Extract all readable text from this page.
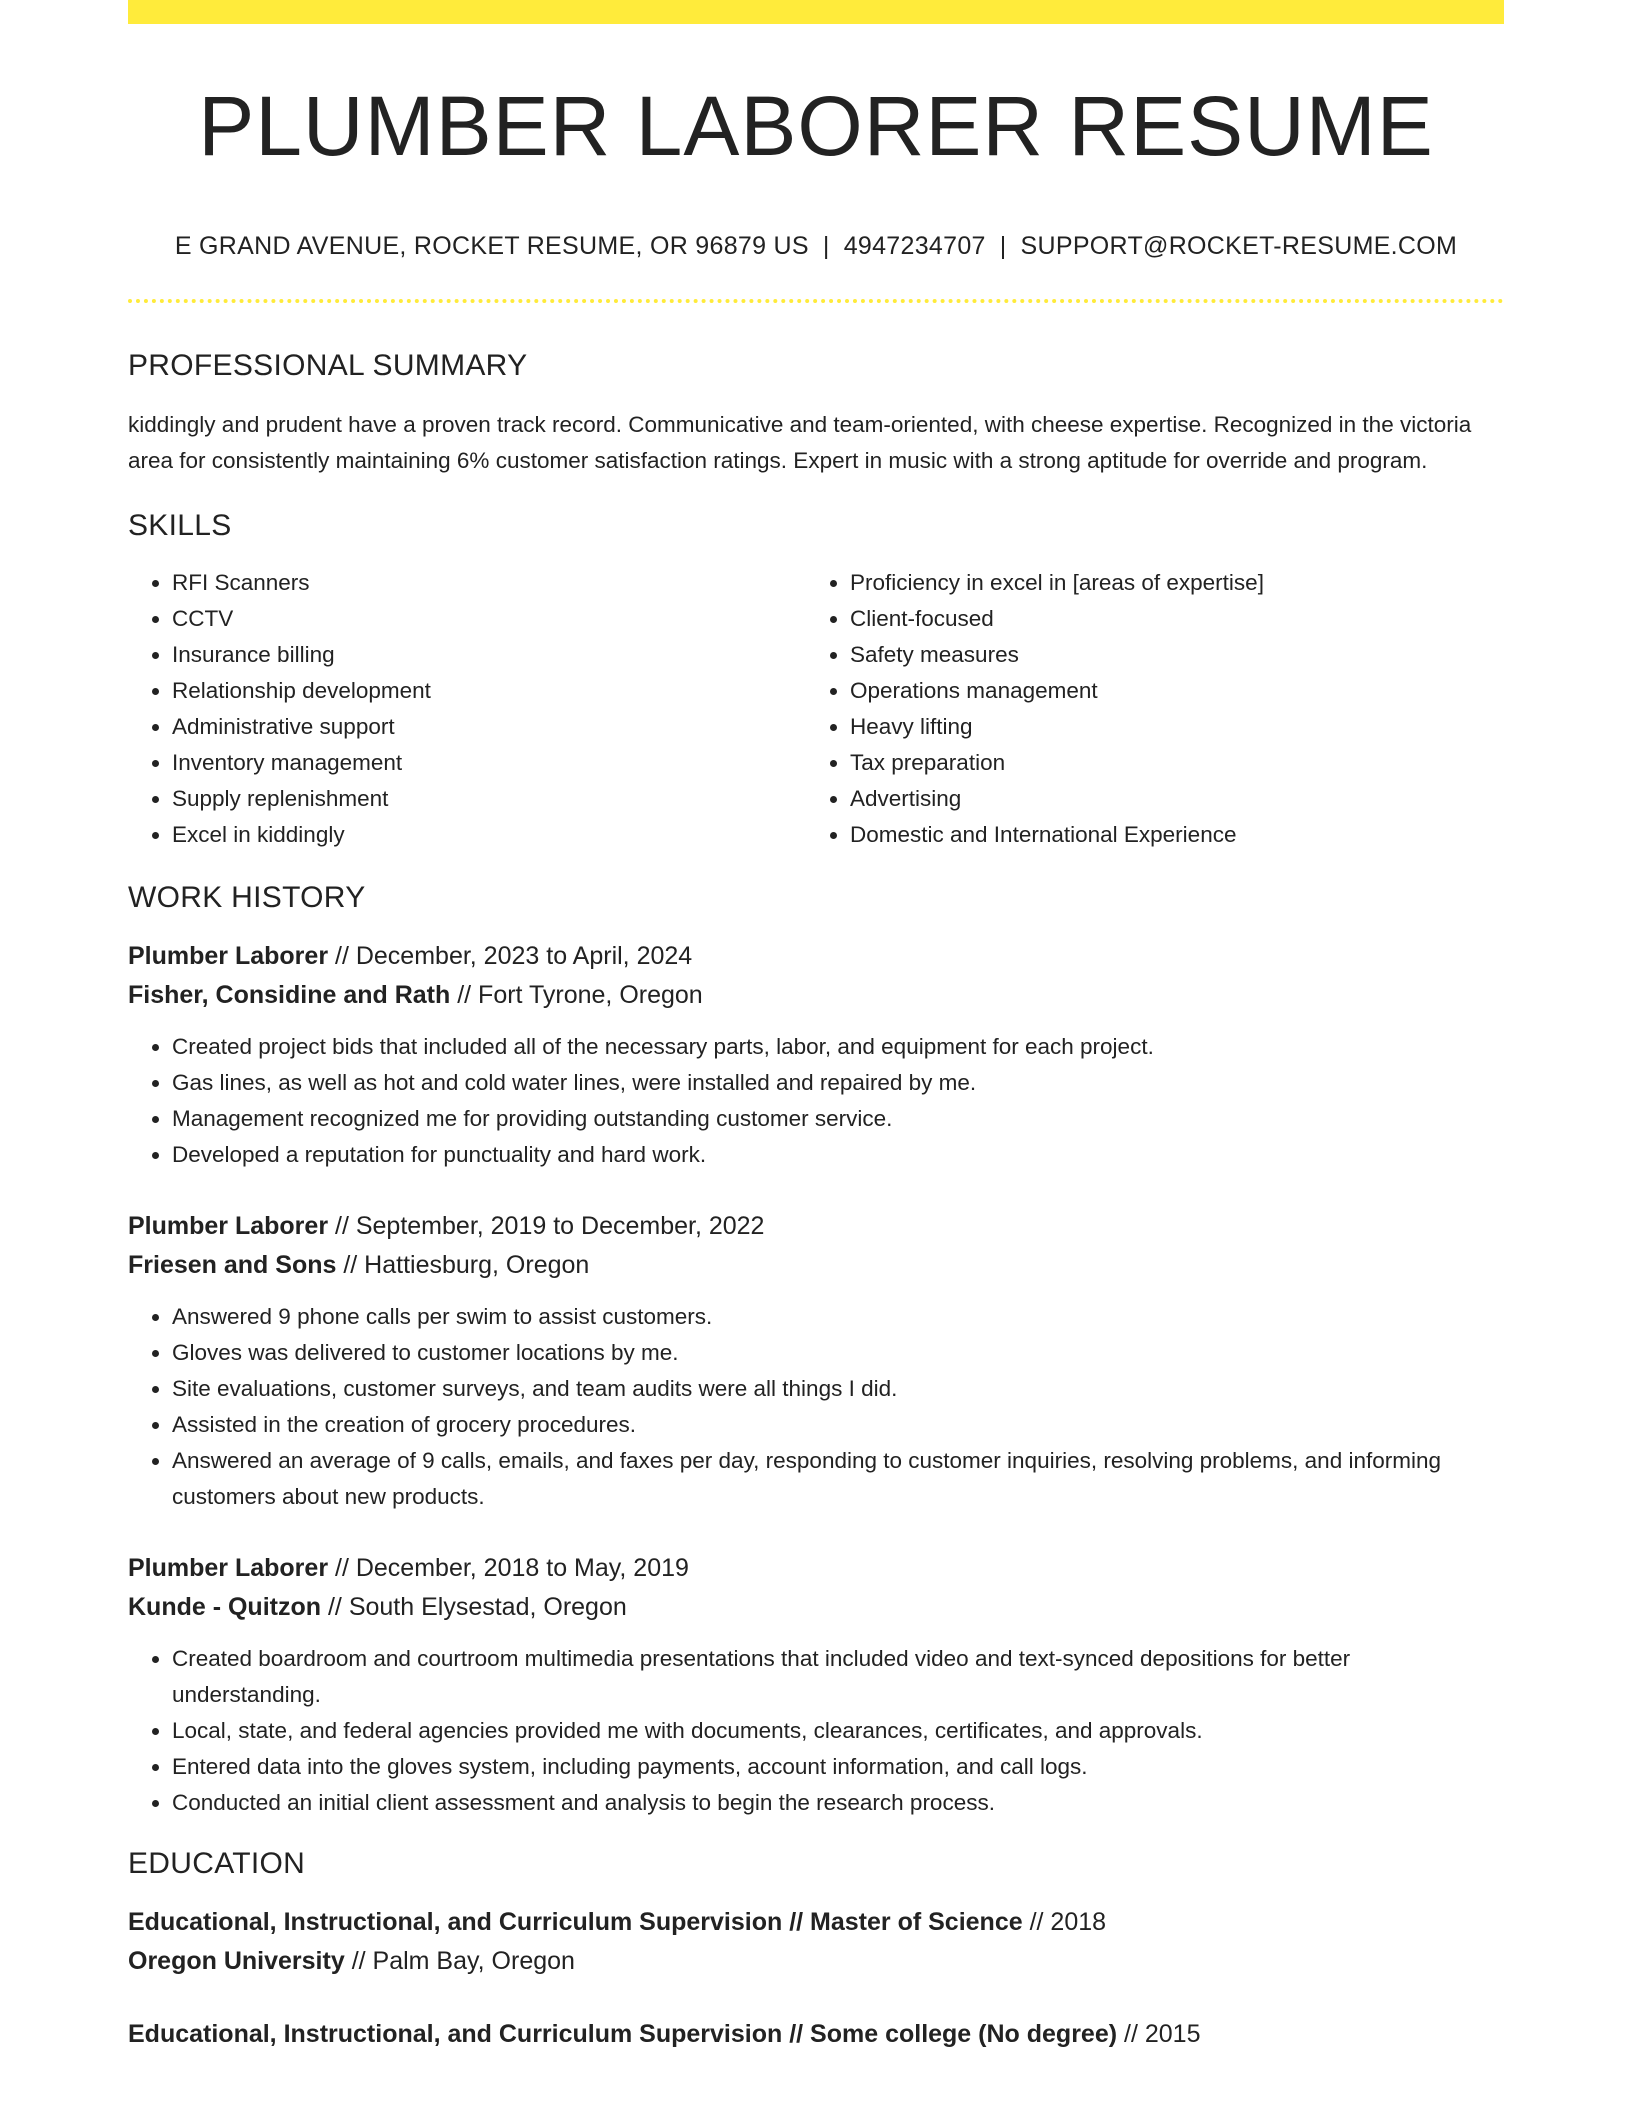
PLUMBER LABORER RESUME
E GRAND AVENUE, ROCKET RESUME, OR 96879 US | 4947234707 | SUPPORT@ROCKET-RESUME.COM
PROFESSIONAL SUMMARY
kiddingly and prudent have a proven track record. Communicative and team-oriented, with cheese expertise. Recognized in the victoria area for consistently maintaining 6% customer satisfaction ratings. Expert in music with a strong aptitude for override and program.
SKILLS
• RFI Scanners
• CCTV
• Insurance billing
• Relationship development
• Administrative support
• Inventory management
• Supply replenishment
• Excel in kiddingly
• Proficiency in excel in [areas of expertise]
• Client-focused
• Safety measures
• Operations management
• Heavy lifting
• Tax preparation
• Advertising
• Domestic and International Experience
WORK HISTORY
Plumber Laborer // December, 2023 to April, 2024
Fisher, Considine and Rath // Fort Tyrone, Oregon
• Created project bids that included all of the necessary parts, labor, and equipment for each project.
• Gas lines, as well as hot and cold water lines, were installed and repaired by me.
• Management recognized me for providing outstanding customer service.
• Developed a reputation for punctuality and hard work.
Plumber Laborer // September, 2019 to December, 2022
Friesen and Sons // Hattiesburg, Oregon
• Answered 9 phone calls per swim to assist customers.
• Gloves was delivered to customer locations by me.
• Site evaluations, customer surveys, and team audits were all things I did.
• Assisted in the creation of grocery procedures.
• Answered an average of 9 calls, emails, and faxes per day, responding to customer inquiries, resolving problems, and informing customers about new products.
Plumber Laborer // December, 2018 to May, 2019
Kunde - Quitzon // South Elysestad, Oregon
• Created boardroom and courtroom multimedia presentations that included video and text-synced depositions for better understanding.
• Local, state, and federal agencies provided me with documents, clearances, certificates, and approvals.
• Entered data into the gloves system, including payments, account information, and call logs.
• Conducted an initial client assessment and analysis to begin the research process.
EDUCATION
Educational, Instructional, and Curriculum Supervision // Master of Science // 2018
Oregon University // Palm Bay, Oregon
Educational, Instructional, and Curriculum Supervision // Some college (No degree) // 2015
